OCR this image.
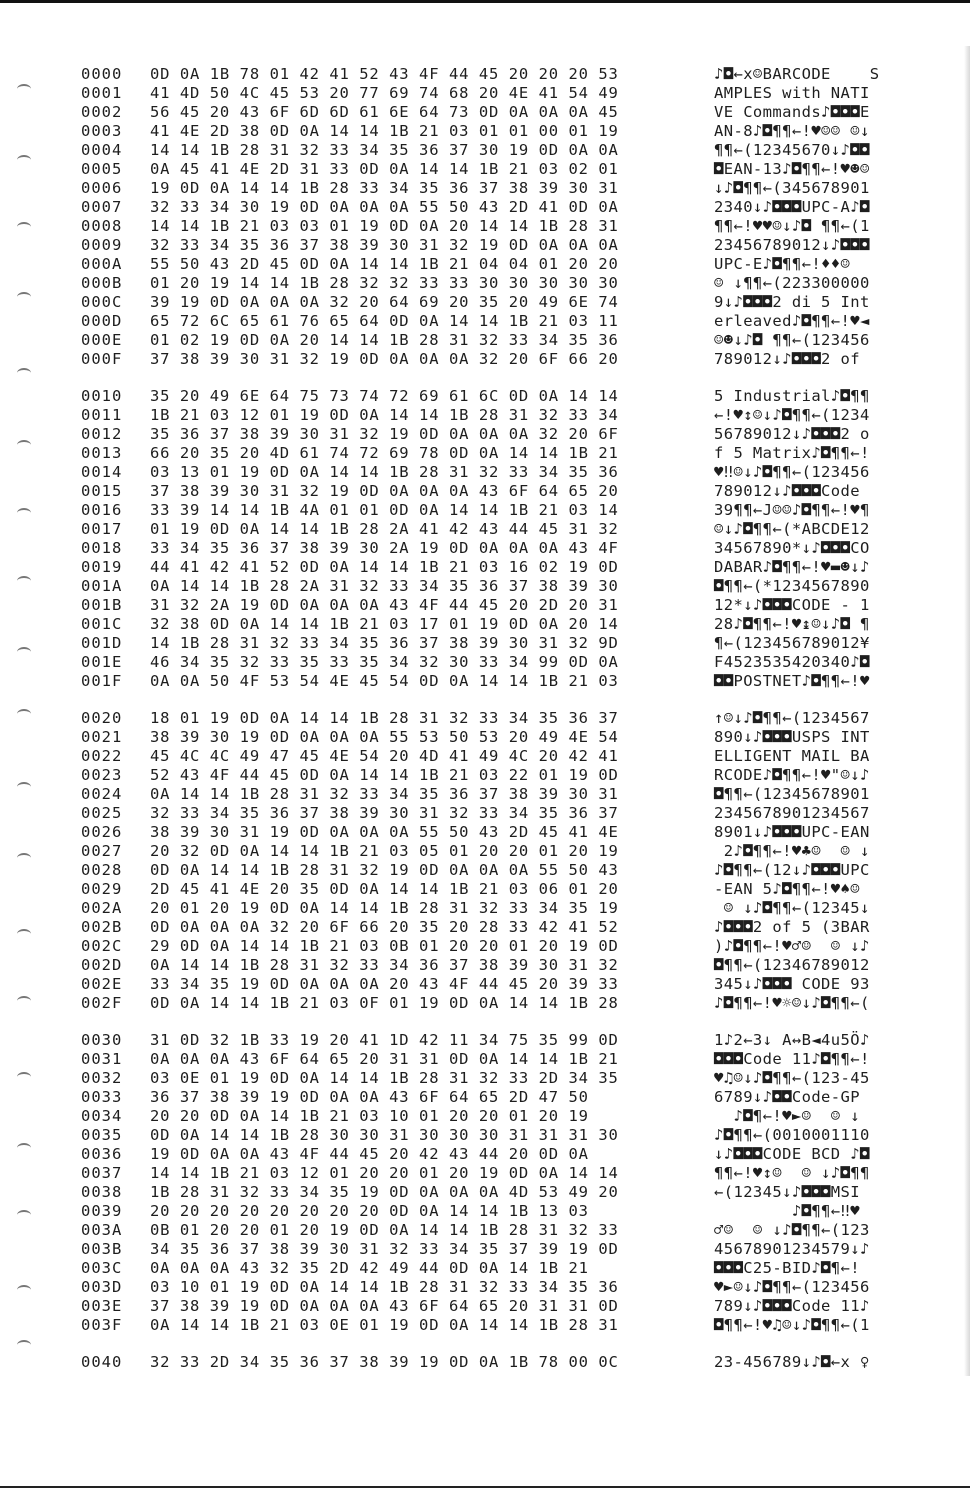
0000 0D 0A 1B 78 01 42 41 52 43 4F 44 45 20 20 20 53	♪◘←x☺BARCODE    S
0001 41 4D 50 4C 45 53 20 77 69 74 68 20 4E 41 54 49	AMPLES with NATI
0002 56 45 20 43 6F 6D 6D 61 6E 64 73 0D 0A 0A 0A 45	VE Commands♪◘◘◘E
0003 41 4E 2D 38 0D 0A 14 14 1B 21 03 01 01 00 01 19	AN-8♪◘¶¶←!♥☺☺ ☺↓
0004 14 14 1B 28 31 32 33 34 35 36 37 30 19 0D 0A 0A	¶¶←(12345670↓♪◘◘
0005 0A 45 41 4E 2D 31 33 0D 0A 14 14 1B 21 03 02 01	◘EAN-13♪◘¶¶←!♥☻☺
0006 19 0D 0A 14 14 1B 28 33 34 35 36 37 38 39 30 31	↓♪◘¶¶←(345678901
0007 32 33 34 30 19 0D 0A 0A 0A 55 50 43 2D 41 0D 0A	2340↓♪◘◘◘UPC-A♪◘
0008 14 14 1B 21 03 03 01 19 0D 0A 20 14 14 1B 28 31	¶¶←!♥♥☺↓♪◘ ¶¶←(1
0009 32 33 34 35 36 37 38 39 30 31 32 19 0D 0A 0A 0A	23456789012↓♪◘◘◘
000A 55 50 43 2D 45 0D 0A 14 14 1B 21 04 04 01 20 20	UPC-E♪◘¶¶←!♦♦☺
000B 01 20 19 14 14 1B 28 32 32 33 33 30 30 30 30 30	☺ ↓¶¶←(223300000
000C 39 19 0D 0A 0A 0A 32 20 64 69 20 35 20 49 6E 74	9↓♪◘◘◘2 di 5 Int
000D 65 72 6C 65 61 76 65 64 0D 0A 14 14 1B 21 03 11	erleaved♪◘¶¶←!♥◄
000E 01 02 19 0D 0A 20 14 14 1B 28 31 32 33 34 35 36	☺☻↓♪◘ ¶¶←(123456
000F 37 38 39 30 31 32 19 0D 0A 0A 0A 32 20 6F 66 20	789012↓♪◘◘◘2 of
0010 35 20 49 6E 64 75 73 74 72 69 61 6C 0D 0A 14 14	5 Industrial♪◘¶¶
0011 1B 21 03 12 01 19 0D 0A 14 14 1B 28 31 32 33 34	←!♥↕☺↓♪◘¶¶←(1234
0012 35 36 37 38 39 30 31 32 19 0D 0A 0A 0A 32 20 6F	56789012↓♪◘◘◘2 o
0013 66 20 35 20 4D 61 74 72 69 78 0D 0A 14 14 1B 21	f 5 Matrix♪◘¶¶←!
0014 03 13 01 19 0D 0A 14 14 1B 28 31 32 33 34 35 36	♥‼☺↓♪◘¶¶←(123456
0015 37 38 39 30 31 32 19 0D 0A 0A 0A 43 6F 64 65 20	789012↓♪◘◘◘Code
0016 33 39 14 14 1B 4A 01 01 0D 0A 14 14 1B 21 03 14	39¶¶←J☺☺♪◘¶¶←!♥¶
0017 01 19 0D 0A 14 14 1B 28 2A 41 42 43 44 45 31 32	☺↓♪◘¶¶←(*ABCDE12
0018 33 34 35 36 37 38 39 30 2A 19 0D 0A 0A 0A 43 4F	34567890*↓♪◘◘◘CO
0019 44 41 42 41 52 0D 0A 14 14 1B 21 03 16 02 19 0D	DABAR♪◘¶¶←!♥▬☻↓♪
001A 0A 14 14 1B 28 2A 31 32 33 34 35 36 37 38 39 30	◘¶¶←(*1234567890
001B 31 32 2A 19 0D 0A 0A 0A 43 4F 44 45 20 2D 20 31	12*↓♪◘◘◘CODE - 1
001C 32 38 0D 0A 14 14 1B 21 03 17 01 19 0D 0A 20 14	28♪◘¶¶←!♥↨☺↓♪◘ ¶
001D 14 1B 28 31 32 33 34 35 36 37 38 39 30 31 32 9D	¶←(123456789012¥
001E 46 34 35 32 33 35 33 35 34 32 30 33 34 99 0D 0A	F4523535420340♪◘
001F 0A 0A 50 4F 53 54 4E 45 54 0D 0A 14 14 1B 21 03	◘◘POSTNET♪◘¶¶←!♥
0020 18 01 19 0D 0A 14 14 1B 28 31 32 33 34 35 36 37	↑☺↓♪◘¶¶←(1234567
0021 38 39 30 19 0D 0A 0A 0A 55 53 50 53 20 49 4E 54	890↓♪◘◘◘USPS INT
0022 45 4C 4C 49 47 45 4E 54 20 4D 41 49 4C 20 42 41	ELLIGENT MAIL BA
0023 52 43 4F 44 45 0D 0A 14 14 1B 21 03 22 01 19 0D	RCODE♪◘¶¶←!♥"☺↓♪
0024 0A 14 14 1B 28 31 32 33 34 35 36 37 38 39 30 31	◘¶¶←(12345678901
0025 32 33 34 35 36 37 38 39 30 31 32 33 34 35 36 37	2345678901234567
0026 38 39 30 31 19 0D 0A 0A 0A 55 50 43 2D 45 41 4E	8901↓♪◘◘◘UPC-EAN
0027 20 32 0D 0A 14 14 1B 21 03 05 01 20 20 01 20 19	2♪◘¶¶←!♥♣☺  ☺ ↓
0028 0D 0A 14 14 1B 28 31 32 19 0D 0A 0A 0A 55 50 43	♪◘¶¶←(12↓♪◘◘◘UPC
0029 2D 45 41 4E 20 35 0D 0A 14 14 1B 21 03 06 01 20	-EAN 5♪◘¶¶←!♥♠☺
002A 20 01 20 19 0D 0A 14 14 1B 28 31 32 33 34 35 19	☺ ↓♪◘¶¶←(12345↓
002B 0D 0A 0A 0A 32 20 6F 66 20 35 20 28 33 42 41 52	♪◘◘◘2 of 5 (3BAR
002C 29 0D 0A 14 14 1B 21 03 0B 01 20 20 01 20 19 0D	)♪◘¶¶←!♥♂☺  ☺ ↓♪
002D 0A 14 14 1B 28 31 32 33 34 36 37 38 39 30 31 32	◘¶¶←(12346789012
002E 33 34 35 19 0D 0A 0A 0A 20 43 4F 44 45 20 39 33	345↓♪◘◘◘ CODE 93
002F 0D 0A 14 14 1B 21 03 0F 01 19 0D 0A 14 14 1B 28	♪◘¶¶←!♥☼☺↓♪◘¶¶←(
0030 31 0D 32 1B 33 19 20 41 1D 42 11 34 75 35 99 0D	1♪2←3↓ A↔B◄4u5Ö♪
0031 0A 0A 0A 43 6F 64 65 20 31 31 0D 0A 14 14 1B 21	◘◘◘Code 11♪◘¶¶←!
0032 03 0E 01 19 0D 0A 14 14 1B 28 31 32 33 2D 34 35	♥♫☺↓♪◘¶¶←(123-45
0033 36 37 38 39 19 0D 0A 0A 43 6F 64 65 2D 47 50	6789↓♪◘◘Code-GP
0034 20 20 0D 0A 14 1B 21 03 10 01 20 20 01 20 19	♪◘¶←!♥►☺  ☺ ↓
0035 0D 0A 14 14 1B 28 30 30 31 30 30 30 31 31 31 30	♪◘¶¶←(0010001110
0036 19 0D 0A 0A 43 4F 44 45 20 42 43 44 20 0D 0A	↓♪◘◘◘CODE BCD ♪◘
0037 14 14 1B 21 03 12 01 20 20 01 20 19 0D 0A 14 14	¶¶←!♥↕☺  ☺ ↓♪◘¶¶
0038 1B 28 31 32 33 34 35 19 0D 0A 0A 0A 4D 53 49 20	←(12345↓♪◘◘◘MSI
0039 20 20 20 20 20 20 20 20 0D 0A 14 14 1B 13 03	♪◘¶¶←‼♥
003A 0B 01 20 20 01 20 19 0D 0A 14 14 1B 28 31 32 33	♂☺  ☺ ↓♪◘¶¶←(123
003B 34 35 36 37 38 39 30 31 32 33 34 35 37 39 19 0D	45678901234579↓♪
003C 0A 0A 0A 43 32 35 2D 42 49 44 0D 0A 14 1B 21	◘◘◘C25-BID♪◘¶←!
003D 03 10 01 19 0D 0A 14 14 1B 28 31 32 33 34 35 36	♥►☺↓♪◘¶¶←(123456
003E 37 38 39 19 0D 0A 0A 0A 43 6F 64 65 20 31 31 0D	789↓♪◘◘◘Code 11♪
003F 0A 14 14 1B 21 03 0E 01 19 0D 0A 14 14 1B 28 31	◘¶¶←!♥♫☺↓♪◘¶¶←(1
0040 32 33 2D 34 35 36 37 38 39 19 0D 0A 1B 78 00 0C	23-456789↓♪◘←x ♀
